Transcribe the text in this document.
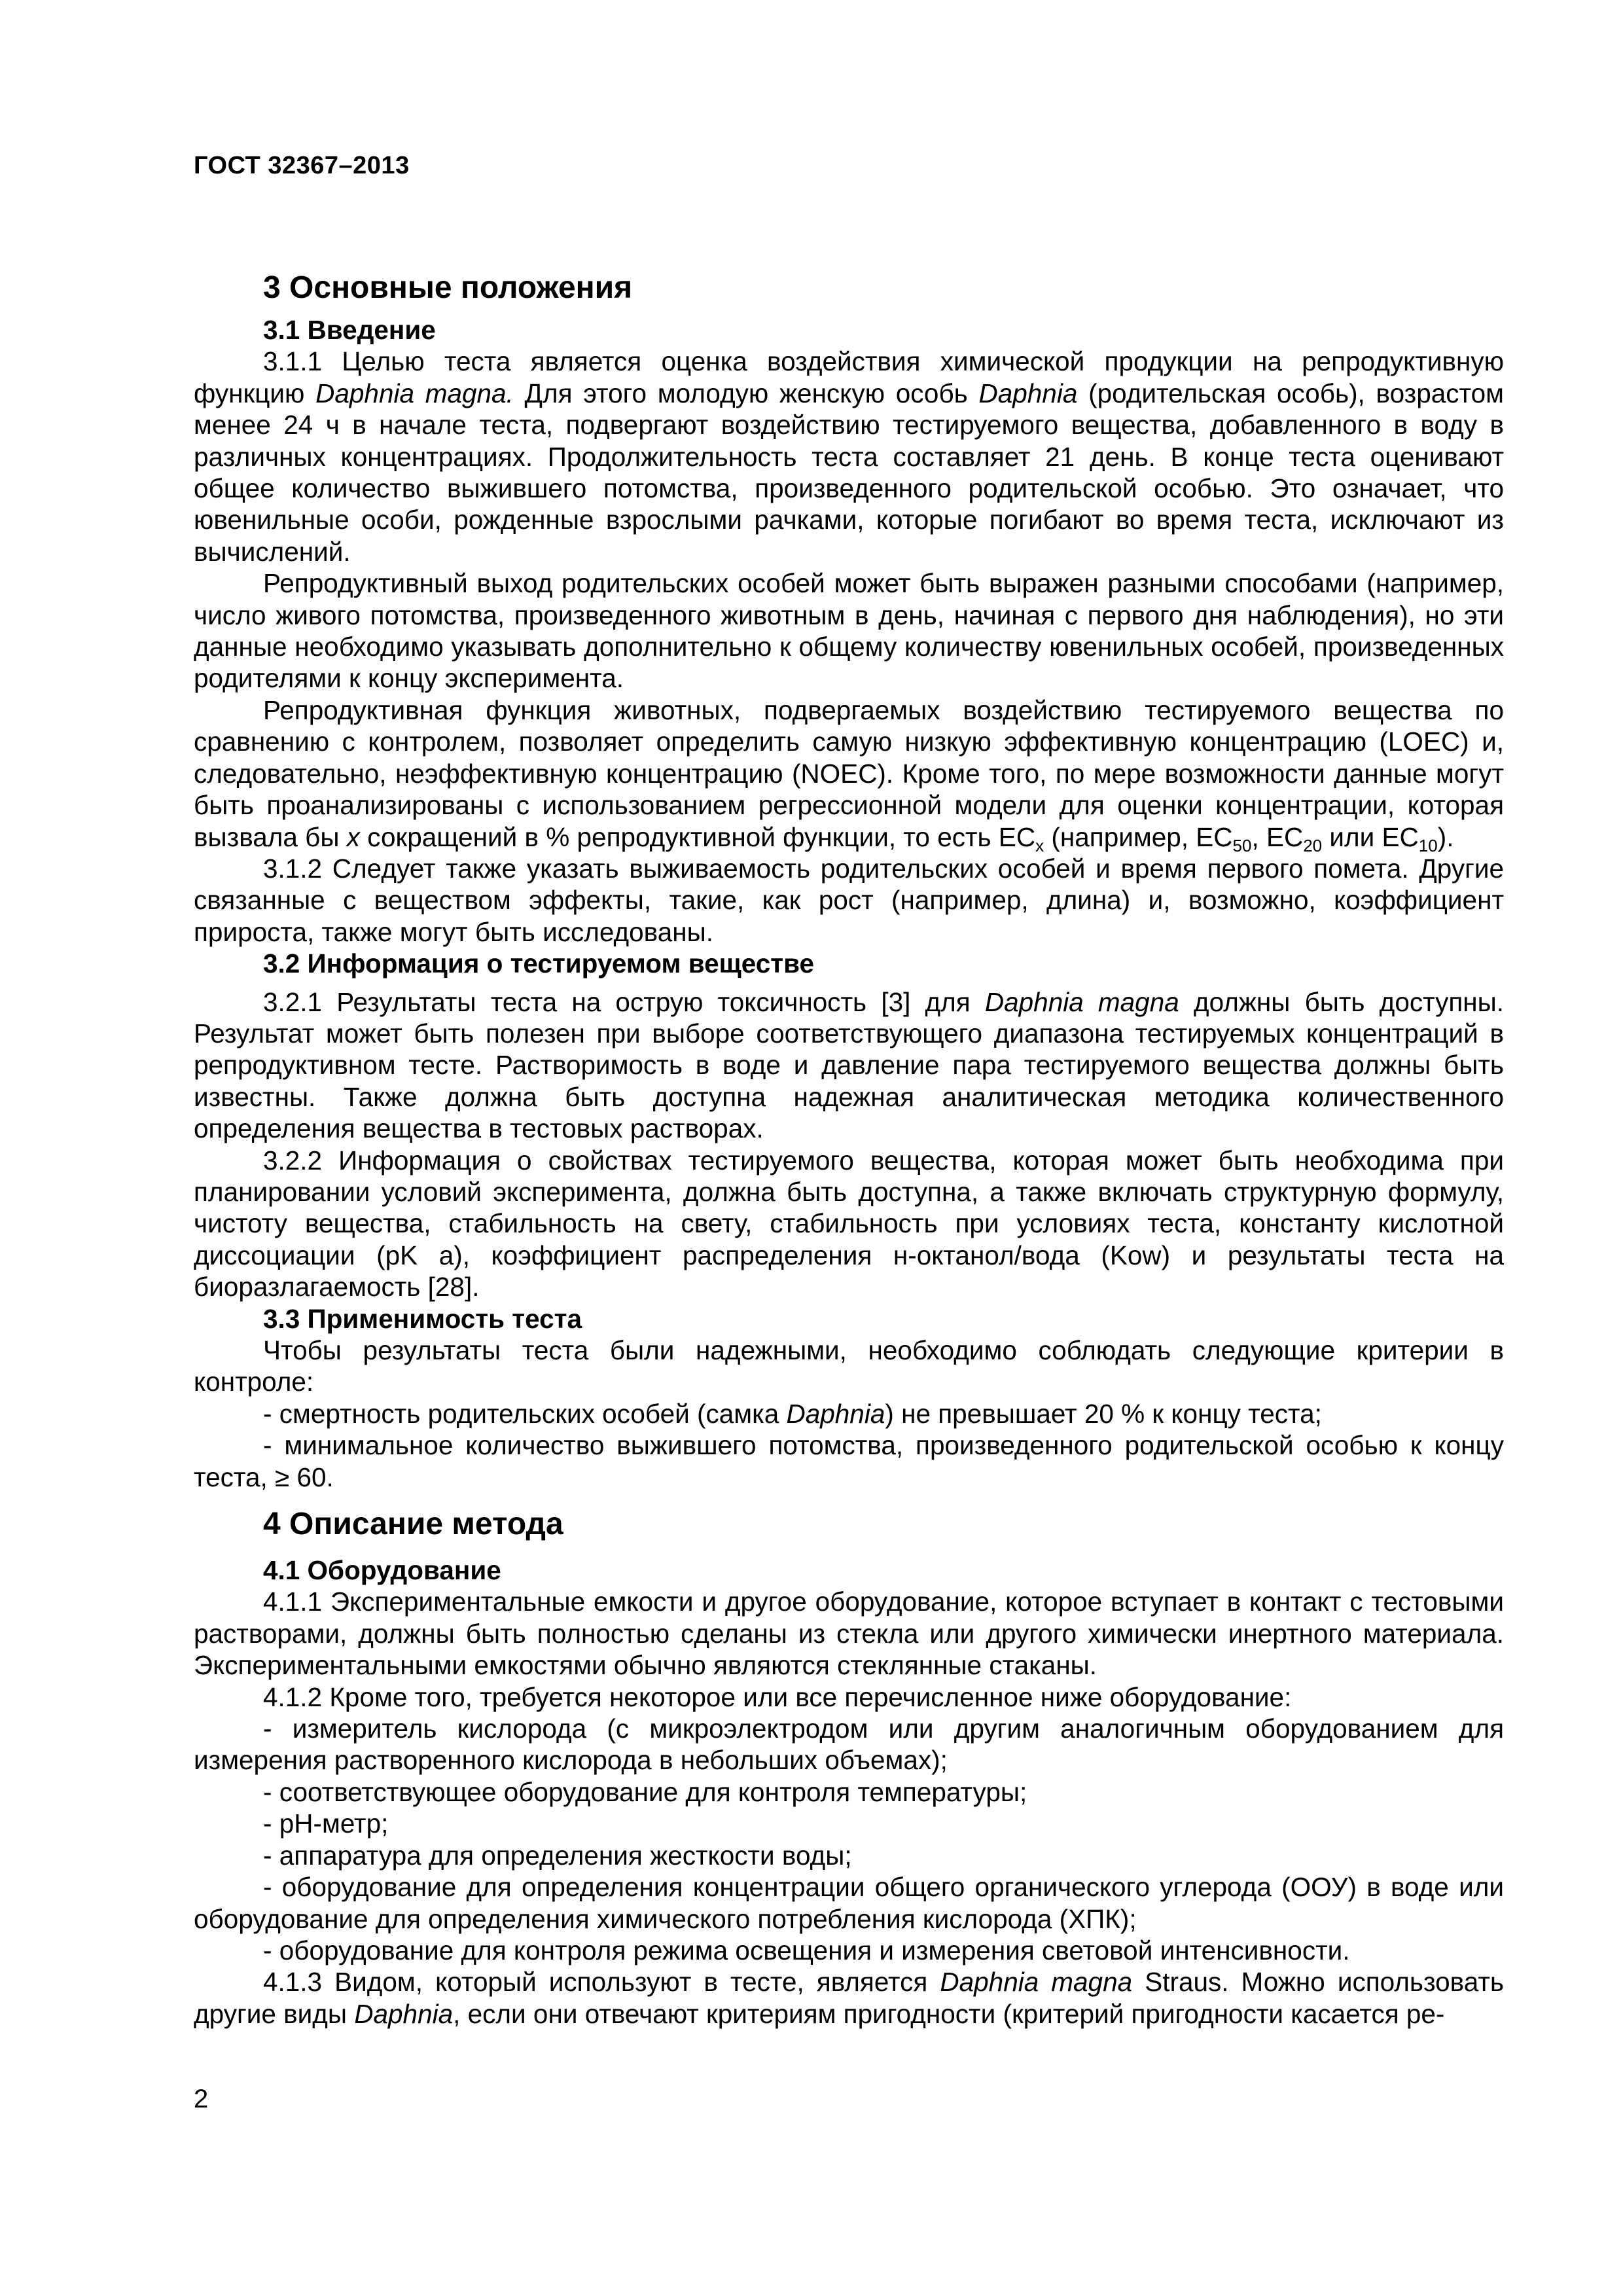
ГОСТ 32367–2013
3 Основные положения
3.1 Введение

3.1.1 Целью теста является оценка воздействия химической продукции на репродуктивную функцию Daphnia magna. Для этого молодую женскую особь Daphnia (родительская особь), возрастом менее 24 ч в начале теста, подвергают воздействию тестируемого вещества, добавленного в воду в различных концентрациях. Продолжительность теста составляет 21 день. В конце теста оценивают общее количество выжившего потомства, произведенного родительской особью. Это означает, что ювенильные особи, рожденные взрослыми рачками, которые погибают во время теста, исключают из вычислений.

Репродуктивный выход родительских особей может быть выражен разными способами (например, число живого потомства, произведенного животным в день, начиная с первого дня наблюдения), но эти данные необходимо указывать дополнительно к общему количеству ювенильных особей, произведенных родителями к концу эксперимента.

Репродуктивная функция животных, подвергаемых воздействию тестируемого вещества по сравнению с контролем, позволяет определить самую низкую эффективную концентрацию (LOEC) и, следовательно, неэффективную концентрацию (NOEC). Кроме того, по мере возможности данные могут быть проанализированы с использованием регрессионной модели для оценки концентрации, которая вызвала бы x сокращений в % репродуктивной функции, то есть $EC_x$ (например, $EC_{50}$, $EC_{20}$ или $EC_{10}$).

3.1.2 Следует также указать выживаемость родительских особей и время первого помета. Другие связанные с веществом эффекты, такие, как рост (например, длина) и, возможно, коэффициент прироста, также могут быть исследованы.

3.2 Информация о тестируемом веществе

3.2.1 Результаты теста на острую токсичность [3] для Daphnia magna должны быть доступны. Результат может быть полезен при выборе соответствующего диапазона тестируемых концентраций в репродуктивном тесте. Растворимость в воде и давление пара тестируемого вещества должны быть известны. Также должна быть доступна надежная аналитическая методика количественного определения вещества в тестовых растворах.

3.2.2 Информация о свойствах тестируемого вещества, которая может быть необходима при планировании условий эксперимента, должна быть доступна, а также включать структурную формулу, чистоту вещества, стабильность на свету, стабильность при условиях теста, константу кислотной диссоциации (pK a), коэффициент распределения н-октанол/вода (Kow) и результаты теста на биоразлагаемость [28].

3.3 Применимость теста

Чтобы результаты теста были надежными, необходимо соблюдать следующие критерии в контроле:

- смертность родительских особей (самка Daphnia) не превышает 20 % к концу теста;

- минимальное количество выжившего потомства, произведенного родительской особью к концу теста, ≥ 60.

4 Описание метода
4.1 Оборудование

4.1.1 Экспериментальные емкости и другое оборудование, которое вступает в контакт с тестовыми растворами, должны быть полностью сделаны из стекла или другого химически инертного материала. Экспериментальными емкостями обычно являются стеклянные стаканы.

4.1.2 Кроме того, требуется некоторое или все перечисленное ниже оборудование:

- измеритель кислорода (с микроэлектродом или другим аналогичным оборудованием для измерения растворенного кислорода в небольших объемах);

- соответствующее оборудование для контроля температуры;

- pH-метр;

- аппаратура для определения жесткости воды;

- оборудование для определения концентрации общего органического углерода (ООУ) в воде или оборудование для определения химического потребления кислорода (ХПК);

- оборудование для контроля режима освещения и измерения световой интенсивности.

4.1.3 Видом, который используют в тесте, является Daphnia magna Straus. Можно использовать другие виды Daphnia, если они отвечают критериям пригодности (критерий пригодности касается ре-

2
